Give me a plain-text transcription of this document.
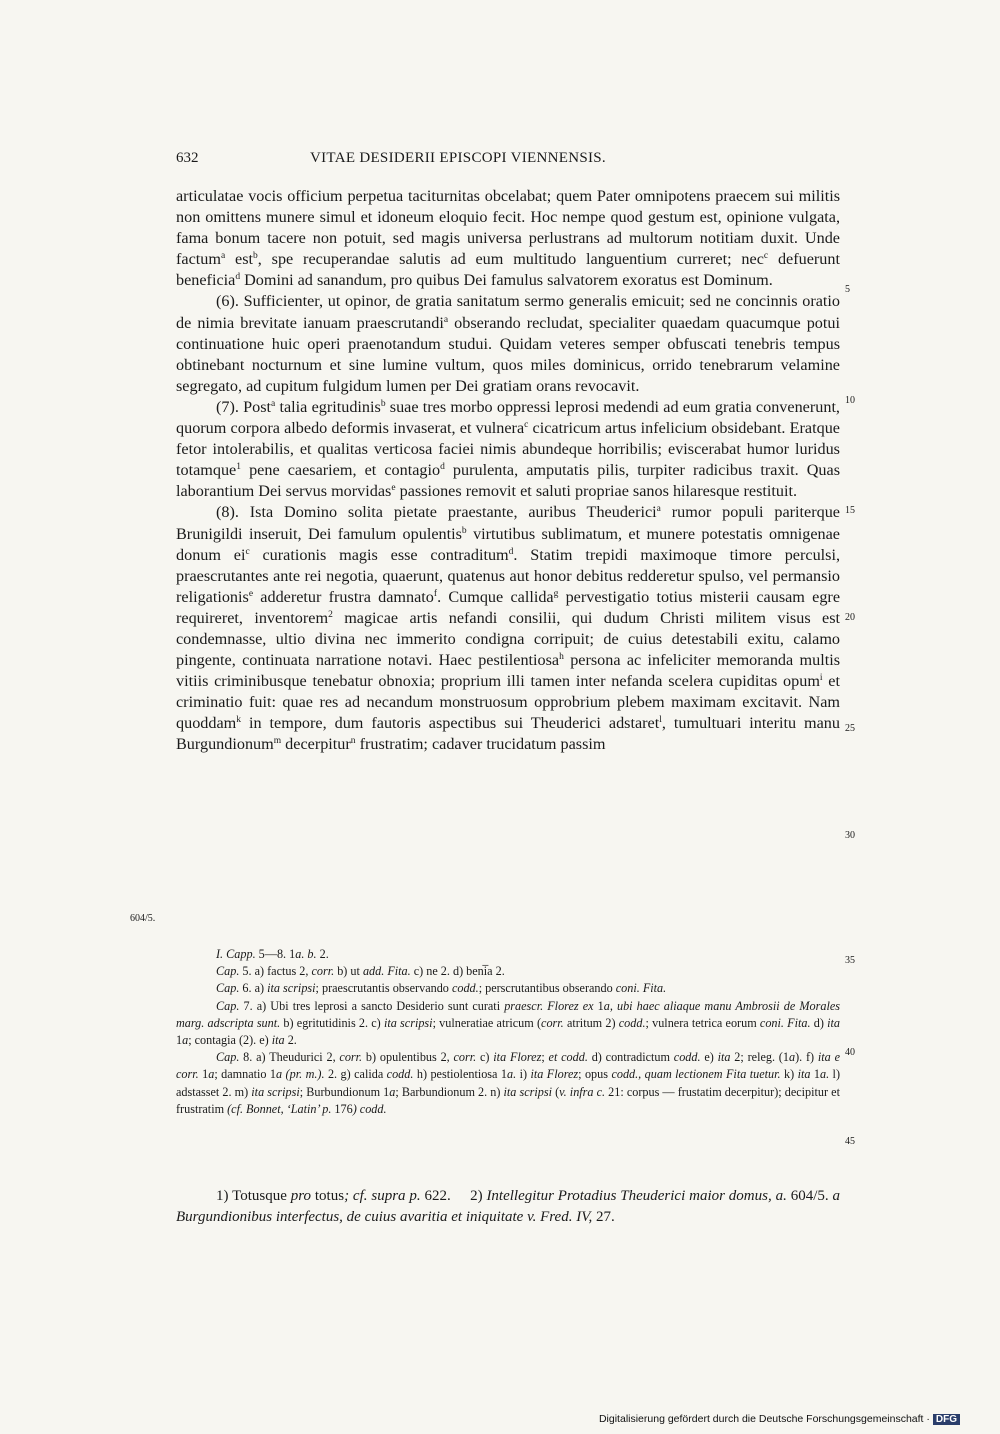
632	VITAE DESIDERII EPISCOPI VIENNENSIS.

articulatae vocis officium perpetua taciturnitas obcelabat; quem Pater omnipotens praecem sui militis non omittens munere simul et idoneum eloquio fecit. Hoc nempe quod gestum est, opinione vulgata, fama bonum tacere non potuit, sed magis universa perlustrans ad multorum notitiam duxit. Unde factum$^a$ est$^b$, spe recuperandae salutis ad eum multitudo languentium curreret; nec$^c$ defuerunt beneficia$^d$ Domini ad sanandum, pro quibus Dei famulus salvatorem exoratus est Dominum.

(6). Sufficienter, ut opinor, de gratia sanitatum sermo generalis emicuit; sed ne concinnis oratio de nimia brevitate ianuam praescrutandi$^a$ obserando recludat, specialiter quaedam quacumque potui continuatione huic operi praenotandum studui. Quidam veteres semper obfuscati tenebris tempus obtinebant nocturnum et sine lumine vultum, quos miles dominicus, orrido tenebrarum velamine segregato, ad cupitum fulgidum lumen per Dei gratiam orans revocavit.

(7). Post$^a$ talia egritudinis$^b$ suae tres morbo oppressi leprosi medendi ad eum gratia convenerunt, quorum corpora albedo deformis invaserat, et vulnera$^c$ cicatricum artus infelicium obsidebant. Eratque fetor intolerabilis, et qualitas verticosa faciei nimis abundeque horribilis; eviscerabat humor luridus totamque$^1$ pene caesariem, et contagio$^d$ purulenta, amputatis pilis, turpiter radicibus traxit. Quas laborantium Dei servus morvidas$^e$ passiones removit et saluti propriae sanos hilaresque restituit.

(8). Ista Domino solita pietate praestante, auribus Theuderici$^a$ rumor populi pariterque Brunigildi inseruit, Dei famulum opulentis$^b$ virtutibus sublimatum, et munere potestatis omnigenae donum $ei^c$ curationis magis esse contraditum$^d$. Statim trepidi maximoque timore perculsi, praescrutantes ante rei negotia, quaerunt, quatenus aut honor debitus redderetur spulso, vel permansio religationis$^e$ adderetur frustra damnato$^f$. Cumque callida$^g$ pervestigatio totius misterii causam egre requireret, inventorem$^2$ magicae artis nefandi consilii, qui dudum Christi militem visus est condemnasse, ultio divina nec immerito condigna corripuit; de cuius detestabili exitu, calamo pingente, continuata narratione notavi. Haec pestilentiosa$^h$ persona ac infeliciter memoranda multis vitiis criminibusque tenebatur obnoxia; proprium illi tamen inter nefanda scelera cupiditas opum$^i$ et criminatio fuit: quae res ad necandum monstruosum opprobrium plebem maximam excitavit. Nam quoddam$^k$ in tempore, dum fautoris aspectibus sui Theuderici adstaret$^l$, tumultuari interitu manu Burgundionum$^m$ decerpitur$^n$ frustratim; cadaver trucidatum passim

5
10
15
20
25
30
35
40
45
604/5.
I. Capp. 5—8. 1a. b. 2.
Cap. 5. a) factus 2, corr. b) ut add. Fita. c) ne 2. d) beni̅a 2.
Cap. 6. a) ita scripsi; praescrutantis observando codd.; perscrutantibus obserando coni. Fita.
Cap. 7. a) Ubi tres leprosi a sancto Desiderio sunt curati praescr. Florez ex 1a, ubi haec aliaque manu Ambrosii de Morales marg. adscripta sunt. b) egritutidinis 2. c) ita scripsi; vulneratiae atricum (corr. atritum 2) codd.; vulnera tetrica eorum coni. Fita. d) ita 1a; contagia (2). e) ita 2.
Cap. 8. a) Theudurici 2, corr. b) opulentibus 2, corr. c) ita Florez; et codd. d) contradictum codd. e) ita 2; releg. (1a). f) ita e corr. 1a; damnatio 1a (pr. m.). 2. g) calida codd. h) pestiolentiosa 1a. i) ita Florez; opus codd., quam lectionem Fita tuetur. k) ita 1a. l) adstasset 2. m) ita scripsi; Burbundionum 1a; Barbundionum 2. n) ita scripsi (v. infra c. 21: corpus — frustatim decerpitur); decipitur et frustratim (cf. Bonnet, ‘Latin’ p. 176) codd.
1) Totusque pro totus; cf. supra p. 622.     2) Intellegitur Protadius Theuderici maior domus, a. 604/5. a Burgundionibus interfectus, de cuius avaritia et iniquitate v. Fred. IV, 27.
Digitalisierung gefördert durch die Deutsche Forschungsgemeinschaft · DFG
